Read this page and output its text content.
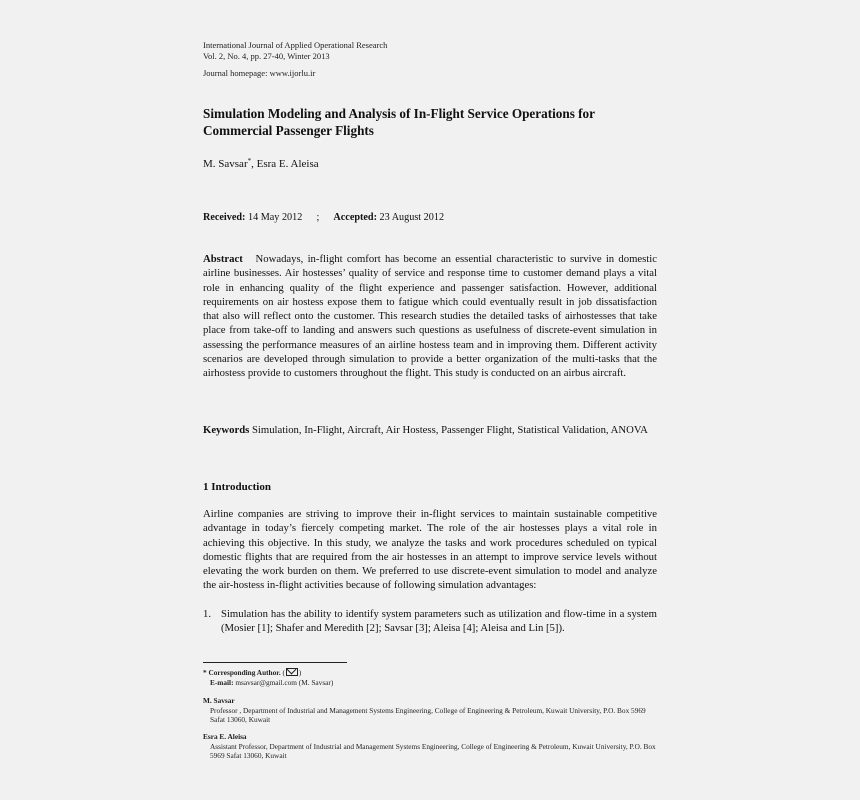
International Journal of Applied Operational Research
Vol. 2, No. 4, pp. 27-40, Winter 2013
Journal homepage: www.ijorlu.ir
Simulation Modeling and Analysis of In-Flight Service Operations for Commercial Passenger Flights
M. Savsar*, Esra E. Aleisa
Received: 14 May 2012 ; Accepted: 23 August 2012
Abstract Nowadays, in-flight comfort has become an essential characteristic to survive in domestic airline businesses. Air hostesses’ quality of service and response time to customer demand plays a vital role in enhancing quality of the flight experience and passenger satisfaction. However, additional requirements on air hostess expose them to fatigue which could eventually result in job dissatisfaction that also will reflect onto the customer. This research studies the detailed tasks of airhostesses that take place from take-off to landing and answers such questions as usefulness of discrete-event simulation in assessing the performance measures of an airline hostess team and in improving them. Different activity scenarios are developed through simulation to provide a better organization of the multi-tasks that the airhostess provide to customers throughout the flight. This study is conducted on an airbus aircraft.
Keywords Simulation, In-Flight, Aircraft, Air Hostess, Passenger Flight, Statistical Validation, ANOVA
1 Introduction
Airline companies are striving to improve their in-flight services to maintain sustainable competitive advantage in today’s fiercely competing market. The role of the air hostesses plays a vital role in achieving this objective. In this study, we analyze the tasks and work procedures scheduled on typical domestic flights that are required from the air hostesses in an attempt to improve service levels without elevating the work burden on them. We preferred to use discrete-event simulation to model and analyze the air-hostess in-flight activities because of following simulation advantages:
1. Simulation has the ability to identify system parameters such as utilization and flow-time in a system (Mosier [1]; Shafer and Meredith [2]; Savsar [3]; Aleisa [4]; Aleisa and Lin [5]).
* Corresponding Author. ( )
E-mail: msavsar@gmail.com (M. Savsar)
M. Savsar
Professor , Department of Industrial and Management Systems Engineering, College of Engineering & Petroleum, Kuwait University, P.O. Box 5969 Safat 13060, Kuwait
Esra E. Aleisa
Assistant Professor, Department of Industrial and Management Systems Engineering, College of Engineering & Petroleum, Kuwait University, P.O. Box 5969 Safat 13060, Kuwait
